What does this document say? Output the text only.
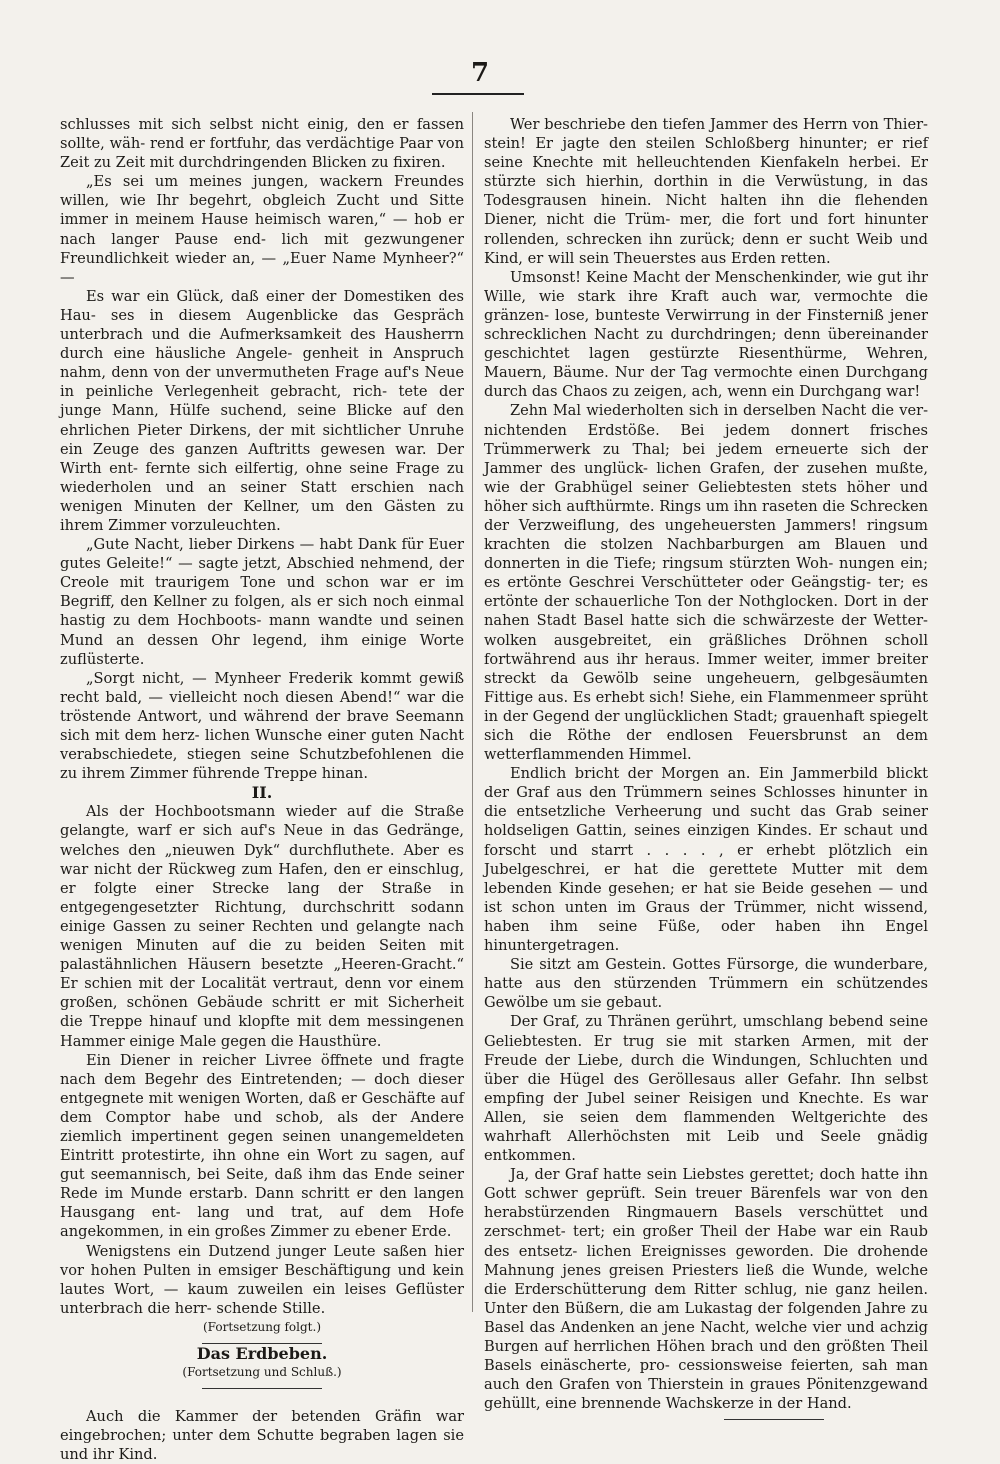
7

schlusses mit sich selbst nicht einig, den er fassen sollte, wäh- rend er fortfuhr, das verdächtige Paar von Zeit zu Zeit mit durchdringenden Blicken zu fixiren.

„Es sei um meines jungen, wackern Freundes willen, wie Ihr begehrt, obgleich Zucht und Sitte immer in meinem Hause heimisch waren,“ — hob er nach langer Pause end- lich mit gezwungener Freundlichkeit wieder an, — „Euer Name Mynheer?“ —

Es war ein Glück, daß einer der Domestiken des Hau- ses in diesem Augenblicke das Gespräch unterbrach und die Aufmerksamkeit des Hausherrn durch eine häusliche Angele- genheit in Anspruch nahm, denn von der unvermutheten Frage auf's Neue in peinliche Verlegenheit gebracht, rich- tete der junge Mann, Hülfe suchend, seine Blicke auf den ehrlichen Pieter Dirkens, der mit sichtlicher Unruhe ein Zeuge des ganzen Auftritts gewesen war. Der Wirth ent- fernte sich eilfertig, ohne seine Frage zu wiederholen und an seiner Statt erschien nach wenigen Minuten der Kellner, um den Gästen zu ihrem Zimmer vorzuleuchten.

„Gute Nacht, lieber Dirkens — habt Dank für Euer gutes Geleite!“ — sagte jetzt, Abschied nehmend, der Creole mit traurigem Tone und schon war er im Begriff, den Kellner zu folgen, als er sich noch einmal hastig zu dem Hochboots- mann wandte und seinen Mund an dessen Ohr legend, ihm einige Worte zuflüsterte.

„Sorgt nicht, — Mynheer Frederik kommt gewiß recht bald, — vielleicht noch diesen Abend!“ war die tröstende Antwort, und während der brave Seemann sich mit dem herz- lichen Wunsche einer guten Nacht verabschiedete, stiegen seine Schutzbefohlenen die zu ihrem Zimmer führende Treppe hinan.

II.

Als der Hochbootsmann wieder auf die Straße gelangte, warf er sich auf's Neue in das Gedränge, welches den „nieuwen Dyk“ durchfluthete. Aber es war nicht der Rückweg zum Hafen, den er einschlug, er folgte einer Strecke lang der Straße in entgegengesetzter Richtung, durchschritt sodann einige Gassen zu seiner Rechten und gelangte nach wenigen Minuten auf die zu beiden Seiten mit palastähnlichen Häusern besetzte „Heeren-Gracht.“ Er schien mit der Localität vertraut, denn vor einem großen, schönen Gebäude schritt er mit Sicherheit die Treppe hinauf und klopfte mit dem messingenen Hammer einige Male gegen die Hausthüre.

Ein Diener in reicher Livree öffnete und fragte nach dem Begehr des Eintretenden; — doch dieser entgegnete mit wenigen Worten, daß er Geschäfte auf dem Comptor habe und schob, als der Andere ziemlich impertinent gegen seinen unangemeldeten Eintritt protestirte, ihn ohne ein Wort zu sagen, auf gut seemannisch, bei Seite, daß ihm das Ende seiner Rede im Munde erstarb. Dann schritt er den langen Hausgang ent- lang und trat, auf dem Hofe angekommen, in ein großes Zimmer zu ebener Erde.

Wenigstens ein Dutzend junger Leute saßen hier vor hohen Pulten in emsiger Beschäftigung und kein lautes Wort, — kaum zuweilen ein leises Geflüster unterbrach die herr- schende Stille.

(Fortsetzung folgt.)

Das Erdbeben.

(Fortsetzung und Schluß.)

Auch die Kammer der betenden Gräfin war eingebrochen; unter dem Schutte begraben lagen sie und ihr Kind.

Wer beschriebe den tiefen Jammer des Herrn von Thier- stein! Er jagte den steilen Schloßberg hinunter; er rief seine Knechte mit helleuchtenden Kienfakeln herbei. Er stürzte sich hierhin, dorthin in die Verwüstung, in das Todesgrausen hinein. Nicht halten ihn die flehenden Diener, nicht die Trüm- mer, die fort und fort hinunter rollenden, schrecken ihn zurück; denn er sucht Weib und Kind, er will sein Theuerstes aus Erden retten.

Umsonst! Keine Macht der Menschenkinder, wie gut ihr Wille, wie stark ihre Kraft auch war, vermochte die gränzen- lose, bunteste Verwirrung in der Finsterniß jener schrecklichen Nacht zu durchdringen; denn übereinander geschichtet lagen gestürzte Riesenthürme, Wehren, Mauern, Bäume. Nur der Tag vermochte einen Durchgang durch das Chaos zu zeigen, ach, wenn ein Durchgang war!

Zehn Mal wiederholten sich in derselben Nacht die ver- nichtenden Erdstöße. Bei jedem donnert frisches Trümmerwerk zu Thal; bei jedem erneuerte sich der Jammer des unglück- lichen Grafen, der zusehen mußte, wie der Grabhügel seiner Geliebtesten stets höher und höher sich aufthürmte. Rings um ihn raseten die Schrecken der Verzweiflung, des ungeheuersten Jammers! ringsum krachten die stolzen Nachbarburgen am Blauen und donnerten in die Tiefe; ringsum stürzten Woh- nungen ein; es ertönte Geschrei Verschütteter oder Geängstig- ter; es ertönte der schauerliche Ton der Nothglocken. Dort in der nahen Stadt Basel hatte sich die schwärzeste der Wetter- wolken ausgebreitet, ein gräßliches Dröhnen scholl fortwährend aus ihr heraus. Immer weiter, immer breiter streckt da Gewölb seine ungeheuern, gelbgesäumten Fittige aus. Es erhebt sich! Siehe, ein Flammenmeer sprüht in der Gegend der unglücklichen Stadt; grauenhaft spiegelt sich die Röthe der endlosen Feuersbrunst an dem wetterflammenden Himmel.

Endlich bricht der Morgen an. Ein Jammerbild blickt der Graf aus den Trümmern seines Schlosses hinunter in die entsetzliche Verheerung und sucht das Grab seiner holdseligen Gattin, seines einzigen Kindes. Er schaut und forscht und starrt . . . . , er erhebt plötzlich ein Jubelgeschrei, er hat die gerettete Mutter mit dem lebenden Kinde gesehen; er hat sie Beide gesehen — und ist schon unten im Graus der Trümmer, nicht wissend, haben ihm seine Füße, oder haben ihn Engel hinuntergetragen.

Sie sitzt am Gestein. Gottes Fürsorge, die wunderbare, hatte aus den stürzenden Trümmern ein schützendes Gewölbe um sie gebaut.

Der Graf, zu Thränen gerührt, umschlang bebend seine Geliebtesten. Er trug sie mit starken Armen, mit der Freude der Liebe, durch die Windungen, Schluchten und über die Hügel des Geröllesaus aller Gefahr. Ihn selbst empfing der Jubel seiner Reisigen und Knechte. Es war Allen, sie seien dem flammenden Weltgerichte des wahrhaft Allerhöchsten mit Leib und Seele gnädig entkommen.

Ja, der Graf hatte sein Liebstes gerettet; doch hatte ihn Gott schwer geprüft. Sein treuer Bärenfels war von den herabstürzenden Ringmauern Basels verschüttet und zerschmet- tert; ein großer Theil der Habe war ein Raub des entsetz- lichen Ereignisses geworden. Die drohende Mahnung jenes greisen Priesters ließ die Wunde, welche die Erderschütterung dem Ritter schlug, nie ganz heilen. Unter den Büßern, die am Lukastag der folgenden Jahre zu Basel das Andenken an jene Nacht, welche vier und achzig Burgen auf herrlichen Höhen brach und den größten Theil Basels einäscherte, pro- cessionsweise feierten, sah man auch den Grafen von Thierstein in graues Pönitenzgewand gehüllt, eine brennende Wachskerze in der Hand.
